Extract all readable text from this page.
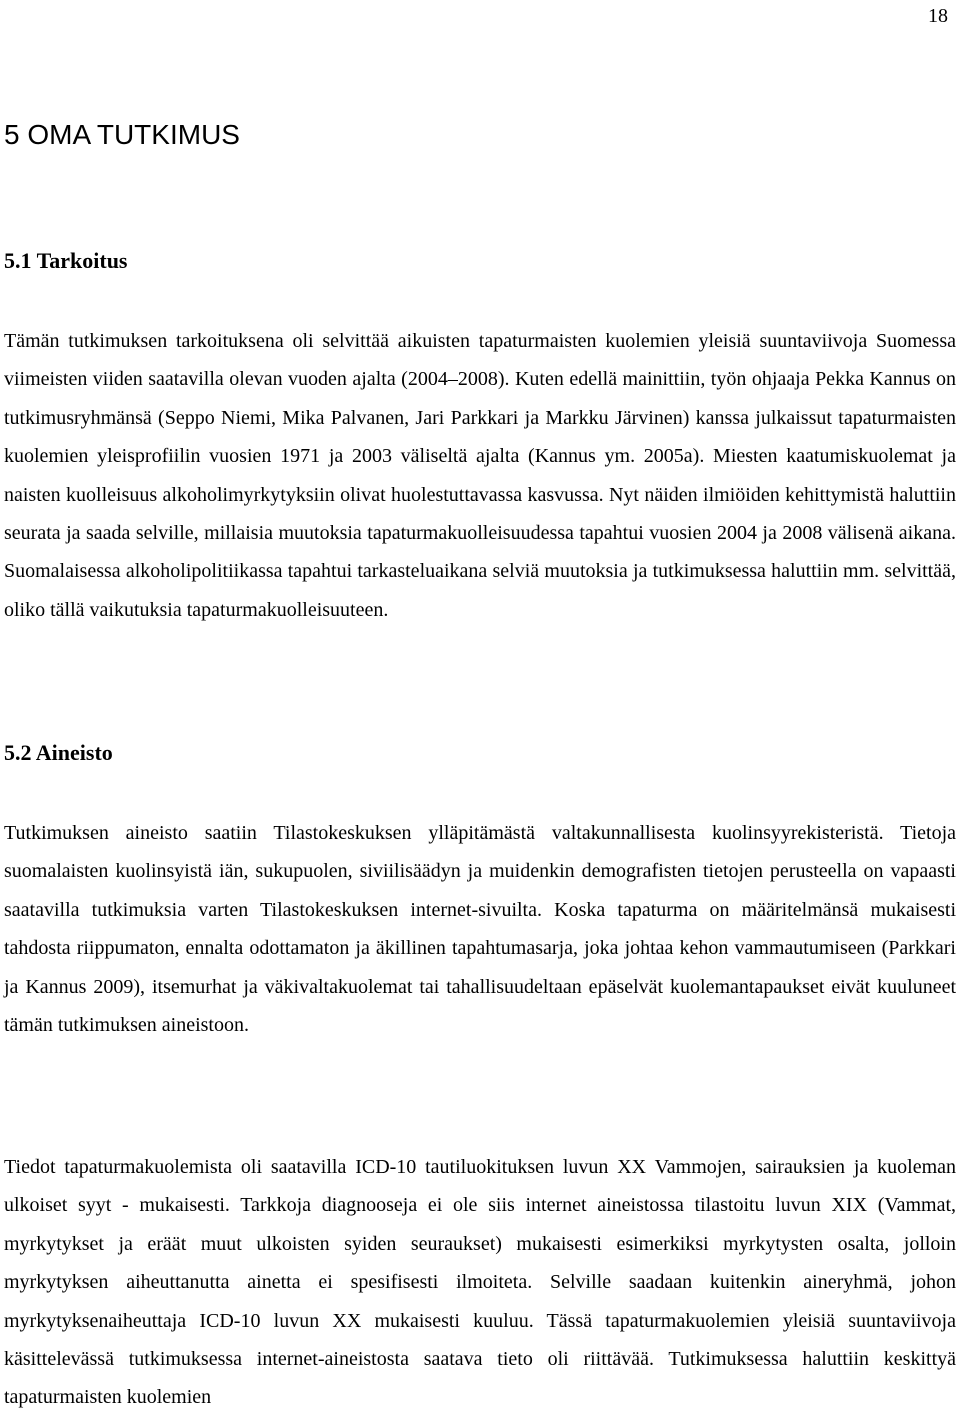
18
5 OMA TUTKIMUS
5.1 Tarkoitus

Tämän tutkimuksen tarkoituksena oli selvittää aikuisten tapaturmaisten kuolemien yleisiä suuntaviivoja Suomessa viimeisten viiden saatavilla olevan vuoden ajalta (2004–2008). Kuten edellä mainittiin, työn ohjaaja Pekka Kannus on tutkimusryhmänsä (Seppo Niemi, Mika Palvanen, Jari Parkkari ja Markku Järvinen) kanssa julkaissut tapaturmaisten kuolemien yleisprofiilin vuosien 1971 ja 2003 väliseltä ajalta (Kannus ym. 2005a). Miesten kaatumiskuolemat ja naisten kuolleisuus alkoholimyrkytyksiin olivat huolestuttavassa kasvussa. Nyt näiden ilmiöiden kehittymistä haluttiin seurata ja saada selville, millaisia muutoksia tapaturmakuolleisuudessa tapahtui vuosien 2004 ja 2008 välisenä aikana. Suomalaisessa alkoholipolitiikassa tapahtui tarkasteluaikana selviä muutoksia ja tutkimuksessa haluttiin mm. selvittää, oliko tällä vaikutuksia tapaturmakuolleisuuteen.

5.2 Aineisto

Tutkimuksen aineisto saatiin Tilastokeskuksen ylläpitämästä valtakunnallisesta kuolinsyyrekisteristä. Tietoja suomalaisten kuolinsyistä iän, sukupuolen, siviilisäädyn ja muidenkin demografisten tietojen perusteella on vapaasti saatavilla tutkimuksia varten Tilastokeskuksen internet-sivuilta. Koska tapaturma on määritelmänsä mukaisesti tahdosta riippumaton, ennalta odottamaton ja äkillinen tapahtumasarja, joka johtaa kehon vammautumiseen (Parkkari ja Kannus 2009), itsemurhat ja väkivaltakuolemat tai tahallisuudeltaan epäselvät kuolemantapaukset eivät kuuluneet tämän tutkimuksen aineistoon.

Tiedot tapaturmakuolemista oli saatavilla ICD-10 tautiluokituksen luvun XX Vammojen, sairauksien ja kuoleman ulkoiset syyt - mukaisesti. Tarkkoja diagnooseja ei ole siis internet aineistossa tilastoitu luvun XIX (Vammat, myrkytykset ja eräät muut ulkoisten syiden seuraukset) mukaisesti esimerkiksi myrkytysten osalta, jolloin myrkytyksen aiheuttanutta ainetta ei spesifisesti ilmoiteta. Selville saadaan kuitenkin aineryhmä, johon myrkytyksenaiheuttaja ICD-10 luvun XX mukaisesti kuuluu. Tässä tapaturmakuolemien yleisiä suuntaviivoja käsittelevässä tutkimuksessa internet-aineistosta saatava tieto oli riittävää. Tutkimuksessa haluttiin keskittyä tapaturmaisten kuolemien
